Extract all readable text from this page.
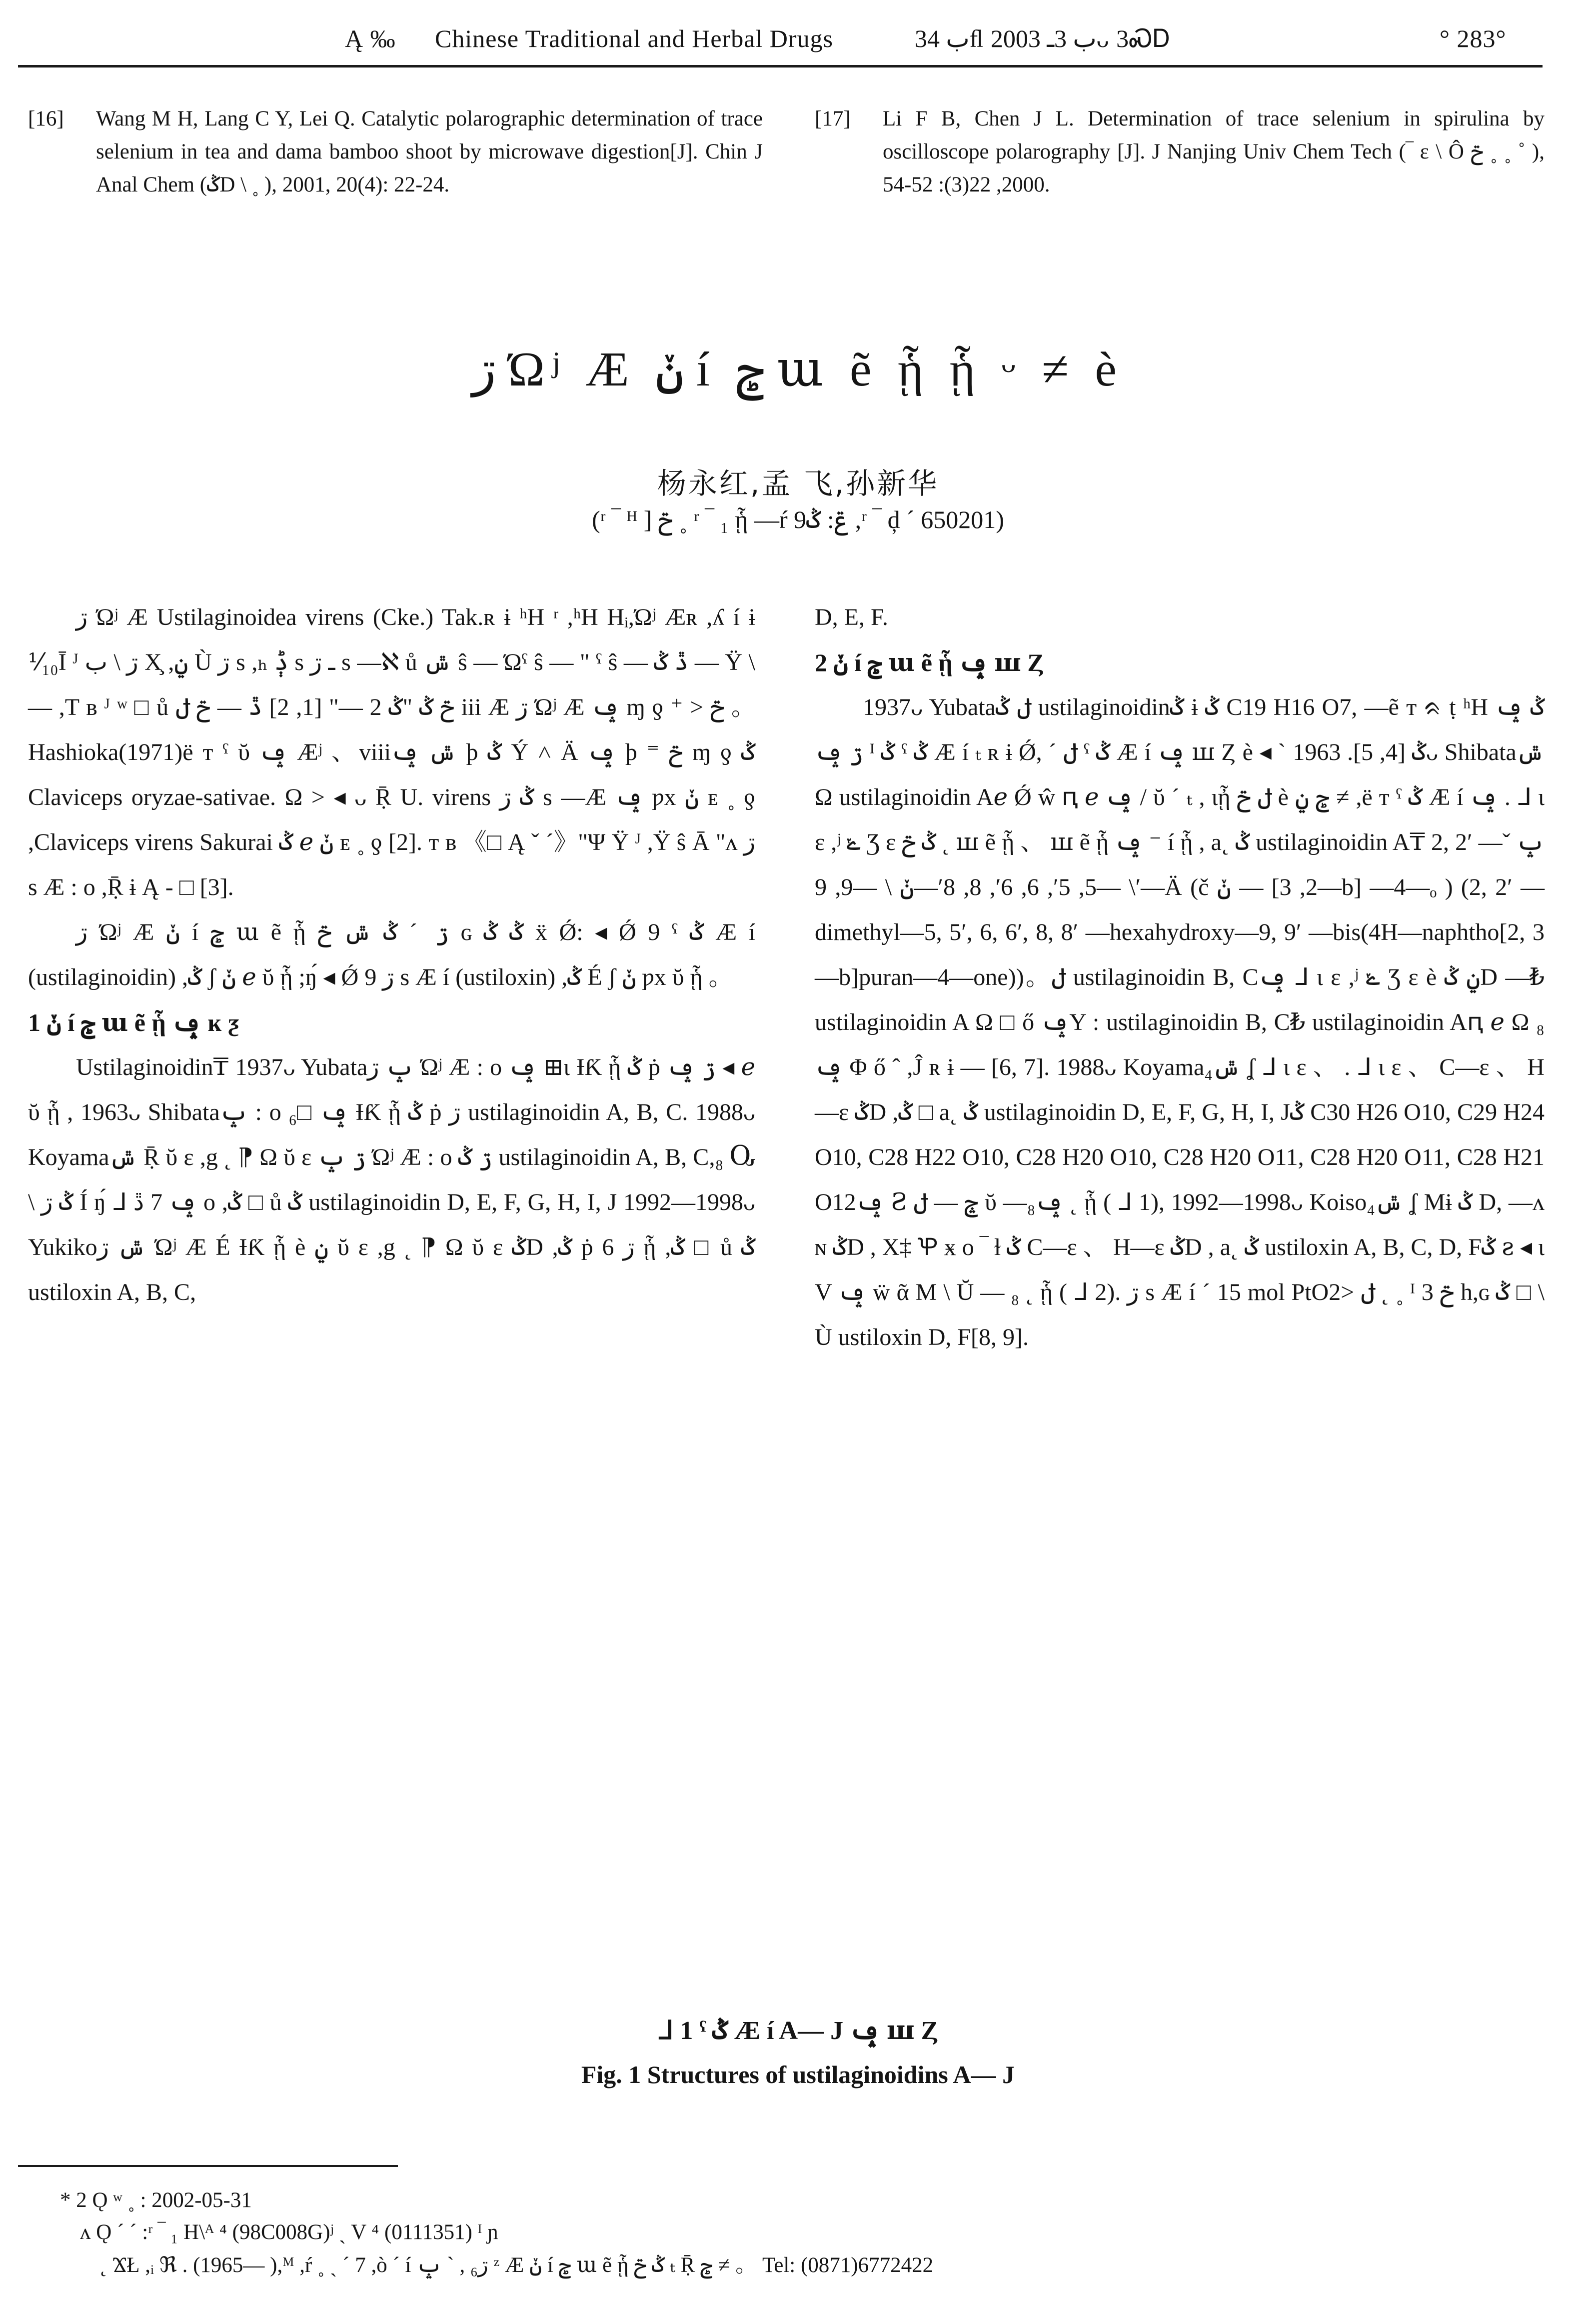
Ą ‰ Chinese Traditional and Herbal Drugs	ب 34ﬂ ب 3ـ 2003ᴗ 3ᏍᎠ	° 283°
[16]	Wang M H, Lang C Y, Lei Q. Catalytic polarographic determination of trace selenium in tea and dama bamboo shoot by microwave digestion[J]. Chin J Anal Chem (ݣD \ ˳ ), 2001, 20(4): 22-24.
[17]	Li F B, Chen J L. Determination of trace selenium in spirulina by oscilloscope polarography [J]. J Nanjing Univ Chem Tech (‾ ɛ \ Ô ݗ ˳ ˳ ˚ ), 2000, 22(3): 52-54.
ڗ Ώʲ Æ ݩ í ݮ ա ẽ ᾗ ᾗ ᵕ ≠ è
杨永红,孟 飞,孙新华
(ʳ ‾ ᴴ ] ݗ ˳ ʳ ‾ ₁ ᾗ —ŕ ݝ: ݣ9 ,ʳ ‾ ḑ ˊ 650201)

ڗ Ώʲ Æ Ustilaginoidea virens (Cke.) Tak.ʀ ɨ ʰH ʳ ,ʰH Hᵢ,Ώʲ Æʀ ,ʎ í ɨ ⅟₁₀Ῑ ᴶ ڗ \ ب X̧ ,ݧ Ù ڗ s ,ₕ ݙ s ـ ڗ s —ℵ ů ݜ ŝ — Ώˁ ŝ — " ˁ ŝ — ڐ ݣ — Ÿ \ — ,T ʙ ᴶ ʷ □ ů ݗ ݣ "ݣ 2 —" [1, 2] ڐ — ݗ ݪ iii Æ ڗ Ώʲ Æ ݡ ɱ ƍ ⁺ > ݗ 。Hashioka(1971)ë ᴛ ˁ ῠ ݡ Æʲ 、viiiݜ ݡ þ ݣ Ý ˄ Ä ݡ þ ⁼ ݗ ɱ ƍ ݣ Claviceps oryzae-sativae. Ω > ◂ ᴗ Ṝ U. virens ݣ ڗ s —Æ ݡ ƿx ݩ ᴇ ˳ ƍ ,Claviceps virens Sakurai ݣ ℯ ݩ ᴇ ˳ ƍ [2]. ᴛ ʙ 《□ Ą ˇ ˊ》"Ψ Ÿ ᴶ ,Ÿ ŝ Ā "ʌ ڗ s Æ : o ,Ṝ ɨ Ą - □ [3].

ڗ Ώʲ Æ ݩ í ݮ ա ẽ ᾗ ڗ ˊ ݣ ݜ ݗ ɢ ݣ ݣ ẍ Ǿ: ◂ Ǿ 9 ˁ ݣ Æ í (ustilaginoidin) ,ݣ ʃ ݩ ℯ ῠ ᾗ ;ŋ́ ◂ Ǿ 9 ڗ s Æ í (ustiloxin) ,ݣ É ʃ ݩ ƿx ῠ ᾗ 。

1 ݩ í ݮ ա ẽ ᾗ ݡ ĸ ƺ

Ustilaginoidin₸ 1937ᴗ Yubataݒ ڗ Ώʲ Æ : o ݡ ⊞ɩ ƗƘ ᾗ ݣ ṗ ڗ ݡ ◂ ℯ ῠ ᾗ , 1963ᴗ Shibataݒ : o ݡ □₆ ƗƘ ᾗ ݣ ṗ ڗ ustilaginoidin A, B, C. 1988ᴗ Koyamaݜ Ṝ ῠ ɛ ,g ˛ ⁋ Ω ῠ ɛ ڗ ݒ Ώʲ Æ : o ڗ ݣ ustilaginoidin A, B, C,₈ Ⴍ \ ݣ ڗ Í ŋ́ ᒧ ݡ 7 ڐ o ,ݣ □ ů ݣ ustilaginoidin D, E, F, G, H, I, J 1992—1998ᴗ Yukikoݜ ڗ Ώʲ Æ É ƗƘ ᾗ è ݧ ῠ ɛ ,g ˛ ⁋ Ω ῠ ɛ ݣD ,ݣ ṗ ڗ 6 ᾗ ,ݣ □ ů ݣ ustiloxin A, B, C,

D, E, F.

2 ݩ í ݮ ա ẽ ᾗ ݡ ꟺ Ȥ

1937ᴗ Yubataݪ ݣ ustilaginoidinݣ ɨ ݣ C19 H16 O7, —ẽ ᴛ ᨑ ṭ ʰH ݣ ݡ ڗ ݡ ᴵ ݣ ˁ ݣ Æ í ₜ ʀ ɨ Ǿ, ˊ ݪ ˁ ݣ Æ í ݡ ꟺ Ȥ è ◂ ˋ ݣ [4, 5]. 1963ᴗ Shibataݜ Ω ustilaginoidin Aℯ Ǿ ŵ ԥ ℯ ݡ / ῠ ˊ ₜ , ιᾖ ݪ ݗ è ݮ ݧ ≠ ,ë ᴛ ˁ ݣ Æ í ݡ . ᒧ ɩ ɛ ,ʲ ݺ Ʒ ɛ ݣ ݗ ˛ ꟺ ẽ ᾗ 、 ꟺ ẽ ᾗ ݡ ⁻ í ᾗ , a˛ ݣ ustilaginoidin A₸ 2, 2′ —ݒ ˇ \ —5, 5′, 6, 6′, 8, 8′—ݩ \ —9, 9′—Ä (č ݩ — [2, 3—b] —4—ₒ ) (2, 2′ —dimethyl—5, 5′, 6, 6′, 8, 8′ —hexahydroxy—9, 9′ —bis(4H—naphtho[2, 3—b]puran—4—one))。ݪ ustilaginoidin B, Cݡ ᒧ ɩ ɛ ,ʲ ݺ Ʒ ɛ è ݧ ݣD —₺ ustilaginoidin A Ω □ ő ݡY : ustilaginoidin B, C₺ ustilaginoidin Aԥ ℯ Ω ₈ ݡ Φ ő ˆ ,Ĵ ʀ ɨ — [6, 7]. 1988ᴗ Koyamaݜ₄ ʆ ᒧ ɩ ɛ 、 . ᒧ ɩ ɛ 、 C—ɛ 、 H—ɛ ݣD ,ݣ □ a˛ ݣ ustilaginoidin D, E, F, G, H, I, Jݣ C30 H26 O10, C29 H24 O10, C28 H22 O10, C28 H20 O10, C28 H20 O11, C28 H20 O11, C28 H21 O12ݡ Ꙅ ݘ — ݪ ῠ —ݡ₈ ˛ ᾗ ( ᒧ 1), 1992—1998ᴗ Koisoݜ₄ ʆ Mɨ ݣ D, —ʌ ɴ ݣD , X‡ Ꝕ ӿ o ‾ ɫ ݣ C—ɛ 、 H—ɛ ݣD , a˛ ݣ ustiloxin A, B, C, D, Fݣ ꙅ ◂ ɩ V ݡ ẅ ᾶ M \ Ŭ — ₈ ˛ ᾗ ( ᒧ 2). ڗ s Æ í ˊ 15 mol PtO2> ݪ ˛ ˳ ᴵ ݗ 3 h,ɢ ݣ □ \ Ù ustiloxin D, F[8, 9].

ᒧ 1 ˁ ݣ Æ í A— J ݡ ꟺ Ȥ
Fig. 1 Structures of ustilaginoidins A— J
* 2 Ǫ ʷ ˳ : 2002-05-31
ʌ Ǫ ˊ ˊ :ʳ ‾ ₁ H\ᴬ ⁴ (98C008G)ʲ ˏ V ⁴ (0111351) ᴵ ɲ
˛ ϪŁ ,ᵢ ℜ . (1965— ),ᴹ ,ŕ ˳ ˏ ˊ 7 ,ò ˊ í ڗ₆ , ˋ ݒ ᶻ Æ ݩ í ݮ ա ẽ ᾗ ݣ ݗ ₜ Ṝ ݮ ≠ 。 Tel: (0871)6772422
